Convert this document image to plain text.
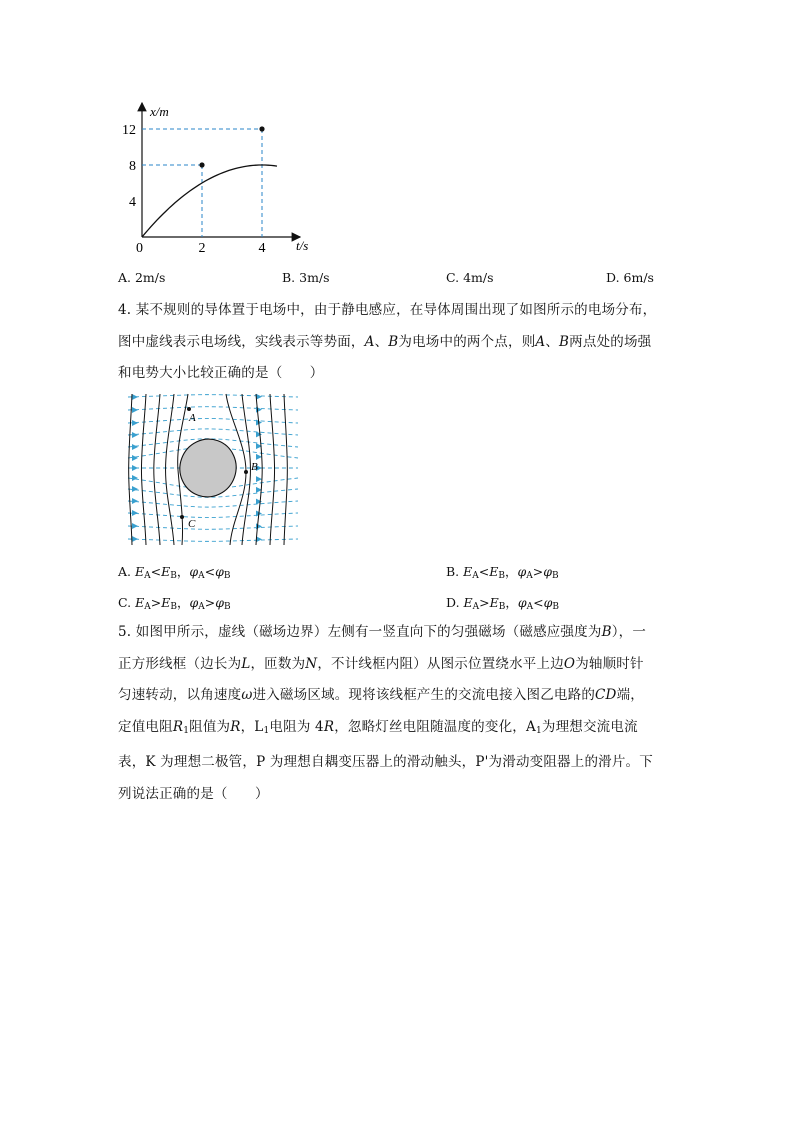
4
8
12
2	4
x/m
t/s
0
A. 2m/s	B. 3m/s	C. 4m/s	D. 6m/s
4. 某不规则的导体置于电场中，由于静电感应，在导体周围出现了如图所示的电场分布，
图中虚线表示电场线，实线表示等势面，A、B为电场中的两个点，则A、B两点处的场强
和电势大小比较正确的是（　　）
A
B
C
A. $E_A<E_B$，$\varphi_A<\varphi_B$	B. $E_A<E_B$，$\varphi_A>\varphi_B$
C. $E_A>E_B$，$\varphi_A>\varphi_B$	D. $E_A>E_B$，$\varphi_A<\varphi_B$
5. 如图甲所示，虚线（磁场边界）左侧有一竖直向下的匀强磁场（磁感应强度为B），一
正方形线框（边长为L，匝数为N，不计线框内阻）从图示位置绕水平上边O为轴顺时针
匀速转动，以角速度ω进入磁场区域。现将该线框产生的交流电接入图乙电路的CD端，
定值电阻$R_1$阻值为R，$L_1$电阻为 4R，忽略灯丝电阻随温度的变化，$A_1$为理想交流电流
表，K 为理想二极管，P 为理想自耦变压器上的滑动触头，P'为滑动变阻器上的滑片。下
列说法正确的是（　　）
